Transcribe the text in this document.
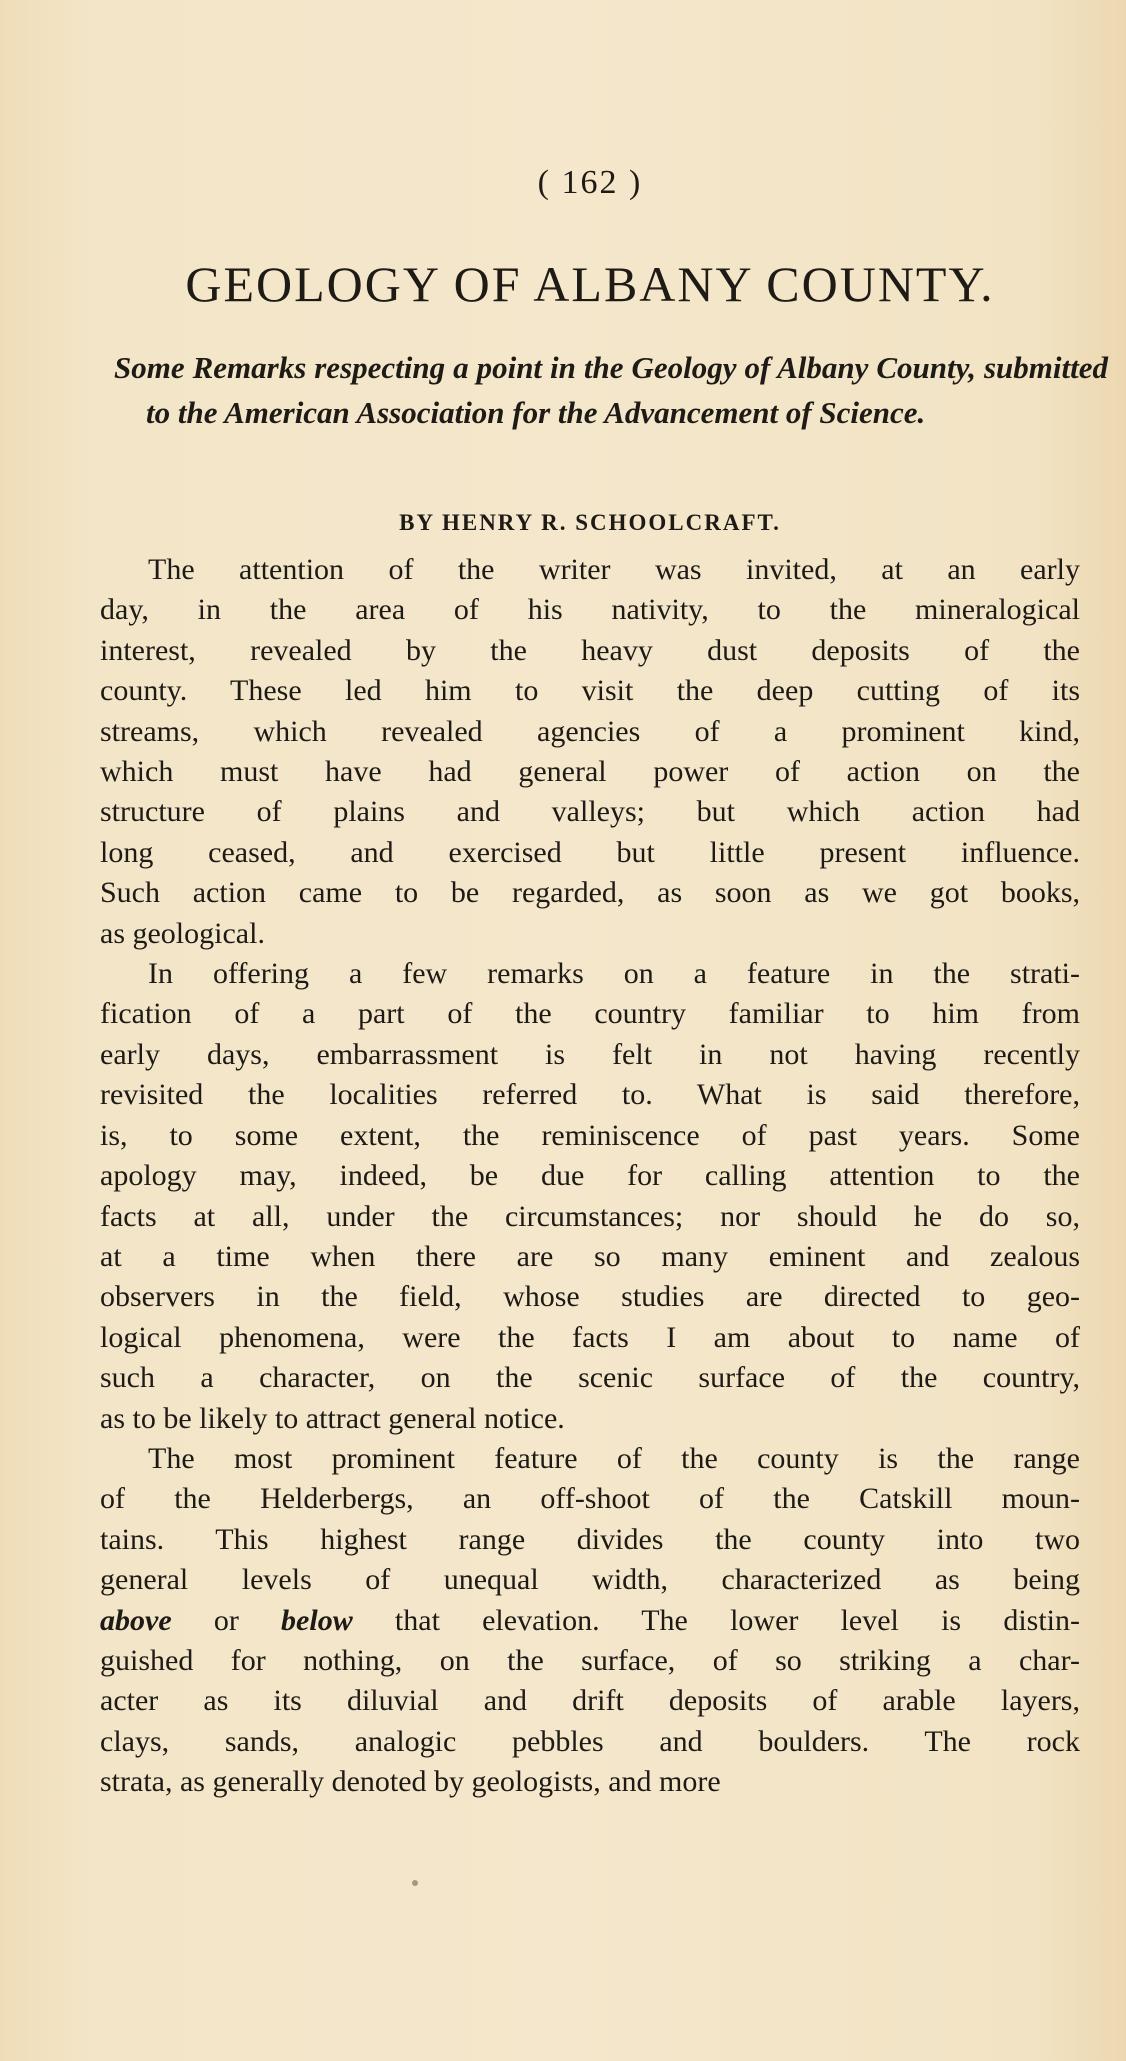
( 162 )
GEOLOGY OF ALBANY COUNTY.
Some Remarks respecting a point in the Geology of Albany County, submitted to the American Association for the Advancement of Science.
BY HENRY R. SCHOOLCRAFT.
The attention of the writer was invited, at an early
day, in the area of his nativity, to the mineralogical
interest, revealed by the heavy dust deposits of the
county. These led him to visit the deep cutting of its
streams, which revealed agencies of a prominent kind,
which must have had general power of action on the
structure of plains and valleys; but which action had
long ceased, and exercised but little present influence.
Such action came to be regarded, as soon as we got books,
as geological.
In offering a few remarks on a feature in the strati-
fication of a part of the country familiar to him from
early days, embarrassment is felt in not having recently
revisited the localities referred to. What is said therefore,
is, to some extent, the reminiscence of past years. Some
apology may, indeed, be due for calling attention to the
facts at all, under the circumstances; nor should he do so,
at a time when there are so many eminent and zealous
observers in the field, whose studies are directed to geo-
logical phenomena, were the facts I am about to name of
such a character, on the scenic surface of the country,
as to be likely to attract general notice.
The most prominent feature of the county is the range
of the Helderbergs, an off-shoot of the Catskill moun-
tains. This highest range divides the county into two
general levels of unequal width, characterized as being
above or below that elevation. The lower level is distin-
guished for nothing, on the surface, of so striking a char-
acter as its diluvial and drift deposits of arable layers,
clays, sands, analogic pebbles and boulders. The rock
strata, as generally denoted by geologists, and more
